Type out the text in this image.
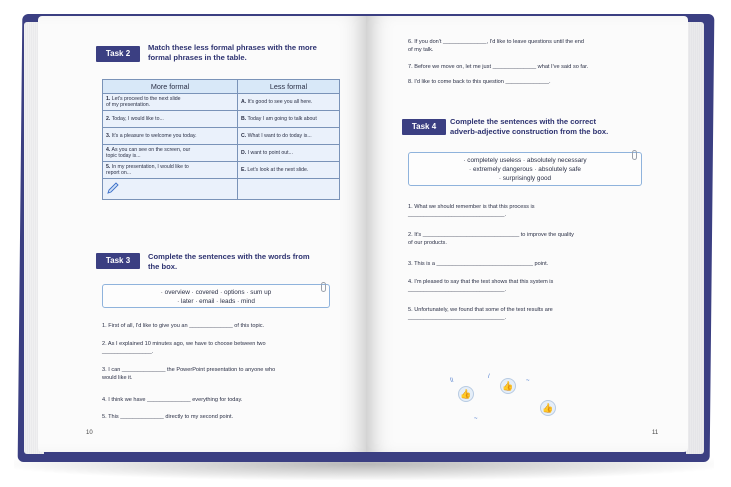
Task 2
Match these less formal phrases with the more
formal phrases in the table.
More formal	Less formal
1. Let's proceed to the next slide
of my presentation.	A. It's good to see you all here.
2. Today, I would like to...	B. Today I am going to talk about
3. It's a pleasure to welcome you today.	C. What I want to do today is...
4. As you can see on the screen, our
topic today is...	D. I want to point out...
5. In my presentation, I would like to
report on...	E. Let's look at the next slide.

Task 3	Complete the sentences with the words from
the box.
· overview · covered · options · sum up
· later · email · leads · mind
1. First of all, I'd like to give you an ______________ of this topic.
2. As I explained 10 minutes ago, we have to choose between two
________________.
3. I can ______________ the PowerPoint presentation to anyone who
would like it.
4. I think we have ______________ everything for today.
5. This ______________ directly to my second point.
10
6. If you don't ______________, I'd like to leave questions until the end
of my talk.
7. Before we move on, let me just ______________ what I've said so far.
8. I'd like to come back to this question ______________.
Task 4
Complete the sentences with the correct
adverb-adjective construction from the box.
· completely useless · absolutely necessary
· extremely dangerous · absolutely safe
· surprisingly good
1. What we should remember is that this process is
_______________________________.
2. It's _______________________________ to improve the quality
of our products.
3. This is a _______________________________ point.
4. I'm pleased to say that the test shows that this system is
_______________________________.
5. Unfortunately, we found that some of the test results are
_______________________________.
👍
👍
👍
\\
/
~
~
11
